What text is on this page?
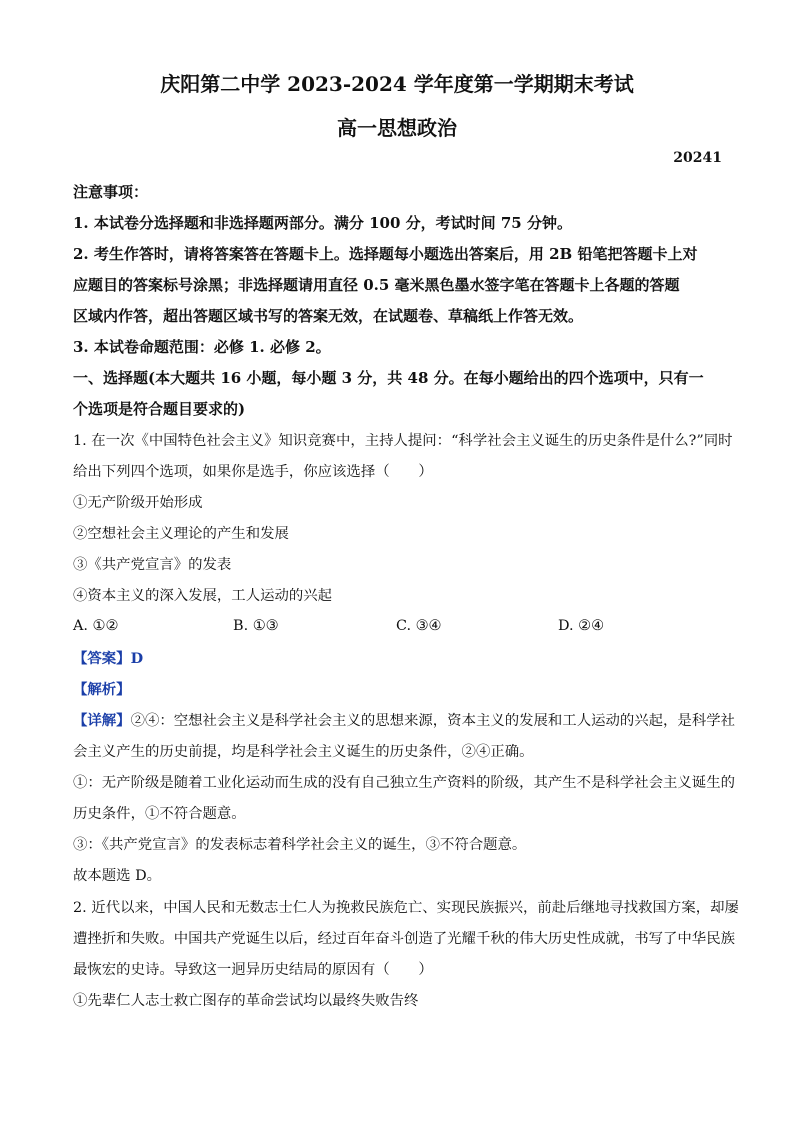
庆阳第二中学 2023-2024 学年度第一学期期末考试
高一思想政治
20241
注意事项：
1. 本试卷分选择题和非选择题两部分。满分 100 分，考试时间 75 分钟。
2. 考生作答时，请将答案答在答题卡上。选择题每小题选出答案后，用 2B 铅笔把答题卡上对
应题目的答案标号涂黑；非选择题请用直径 0.5 毫米黑色墨水签字笔在答题卡上各题的答题
区域内作答，超出答题区域书写的答案无效，在试题卷、草稿纸上作答无效。
3. 本试卷命题范围：必修 1. 必修 2。
一、选择题(本大题共 16 小题，每小题 3 分，共 48 分。在每小题给出的四个选项中，只有一
个选项是符合题目要求的)
1. 在一次《中国特色社会主义》知识竞赛中，主持人提问：“科学社会主义诞生的历史条件是什么?”同时
给出下列四个选项，如果你是选手，你应该选择（　　）
①无产阶级开始形成
②空想社会主义理论的产生和发展
③《共产党宣言》的发表
④资本主义的深入发展，工人运动的兴起
A. ①②	B. ①③	C. ③④	D. ②④
【答案】D
【解析】
【详解】②④：空想社会主义是科学社会主义的思想来源，资本主义的发展和工人运动的兴起，是科学社
会主义产生的历史前提，均是科学社会主义诞生的历史条件，②④正确。
①：无产阶级是随着工业化运动而生成的没有自己独立生产资料的阶级，其产生不是科学社会主义诞生的
历史条件，①不符合题意。
③：《共产党宣言》的发表标志着科学社会主义的诞生，③不符合题意。
故本题选 D。
2. 近代以来，中国人民和无数志士仁人为挽救民族危亡、实现民族振兴，前赴后继地寻找救国方案，却屡
遭挫折和失败。中国共产党诞生以后，经过百年奋斗创造了光耀千秋的伟大历史性成就，书写了中华民族
最恢宏的史诗。导致这一迥异历史结局的原因有（　　）
①先辈仁人志士救亡图存的革命尝试均以最终失败告终
